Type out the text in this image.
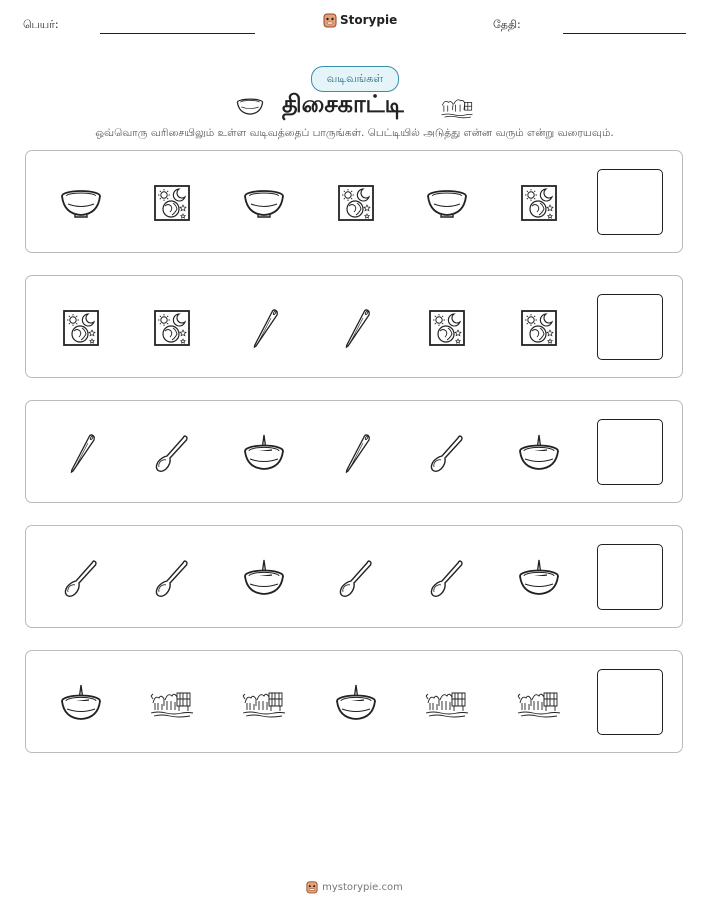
பெயர்:	Storypie	தேதி:
வடிவங்கள்
திசைகாட்டி
ஒவ்வொரு வரிசையிலும் உள்ள வடிவத்தைப் பாருங்கள். பெட்டியில் அடுத்து என்ன வரும் என்று வரையவும்.
mystorypie.com
